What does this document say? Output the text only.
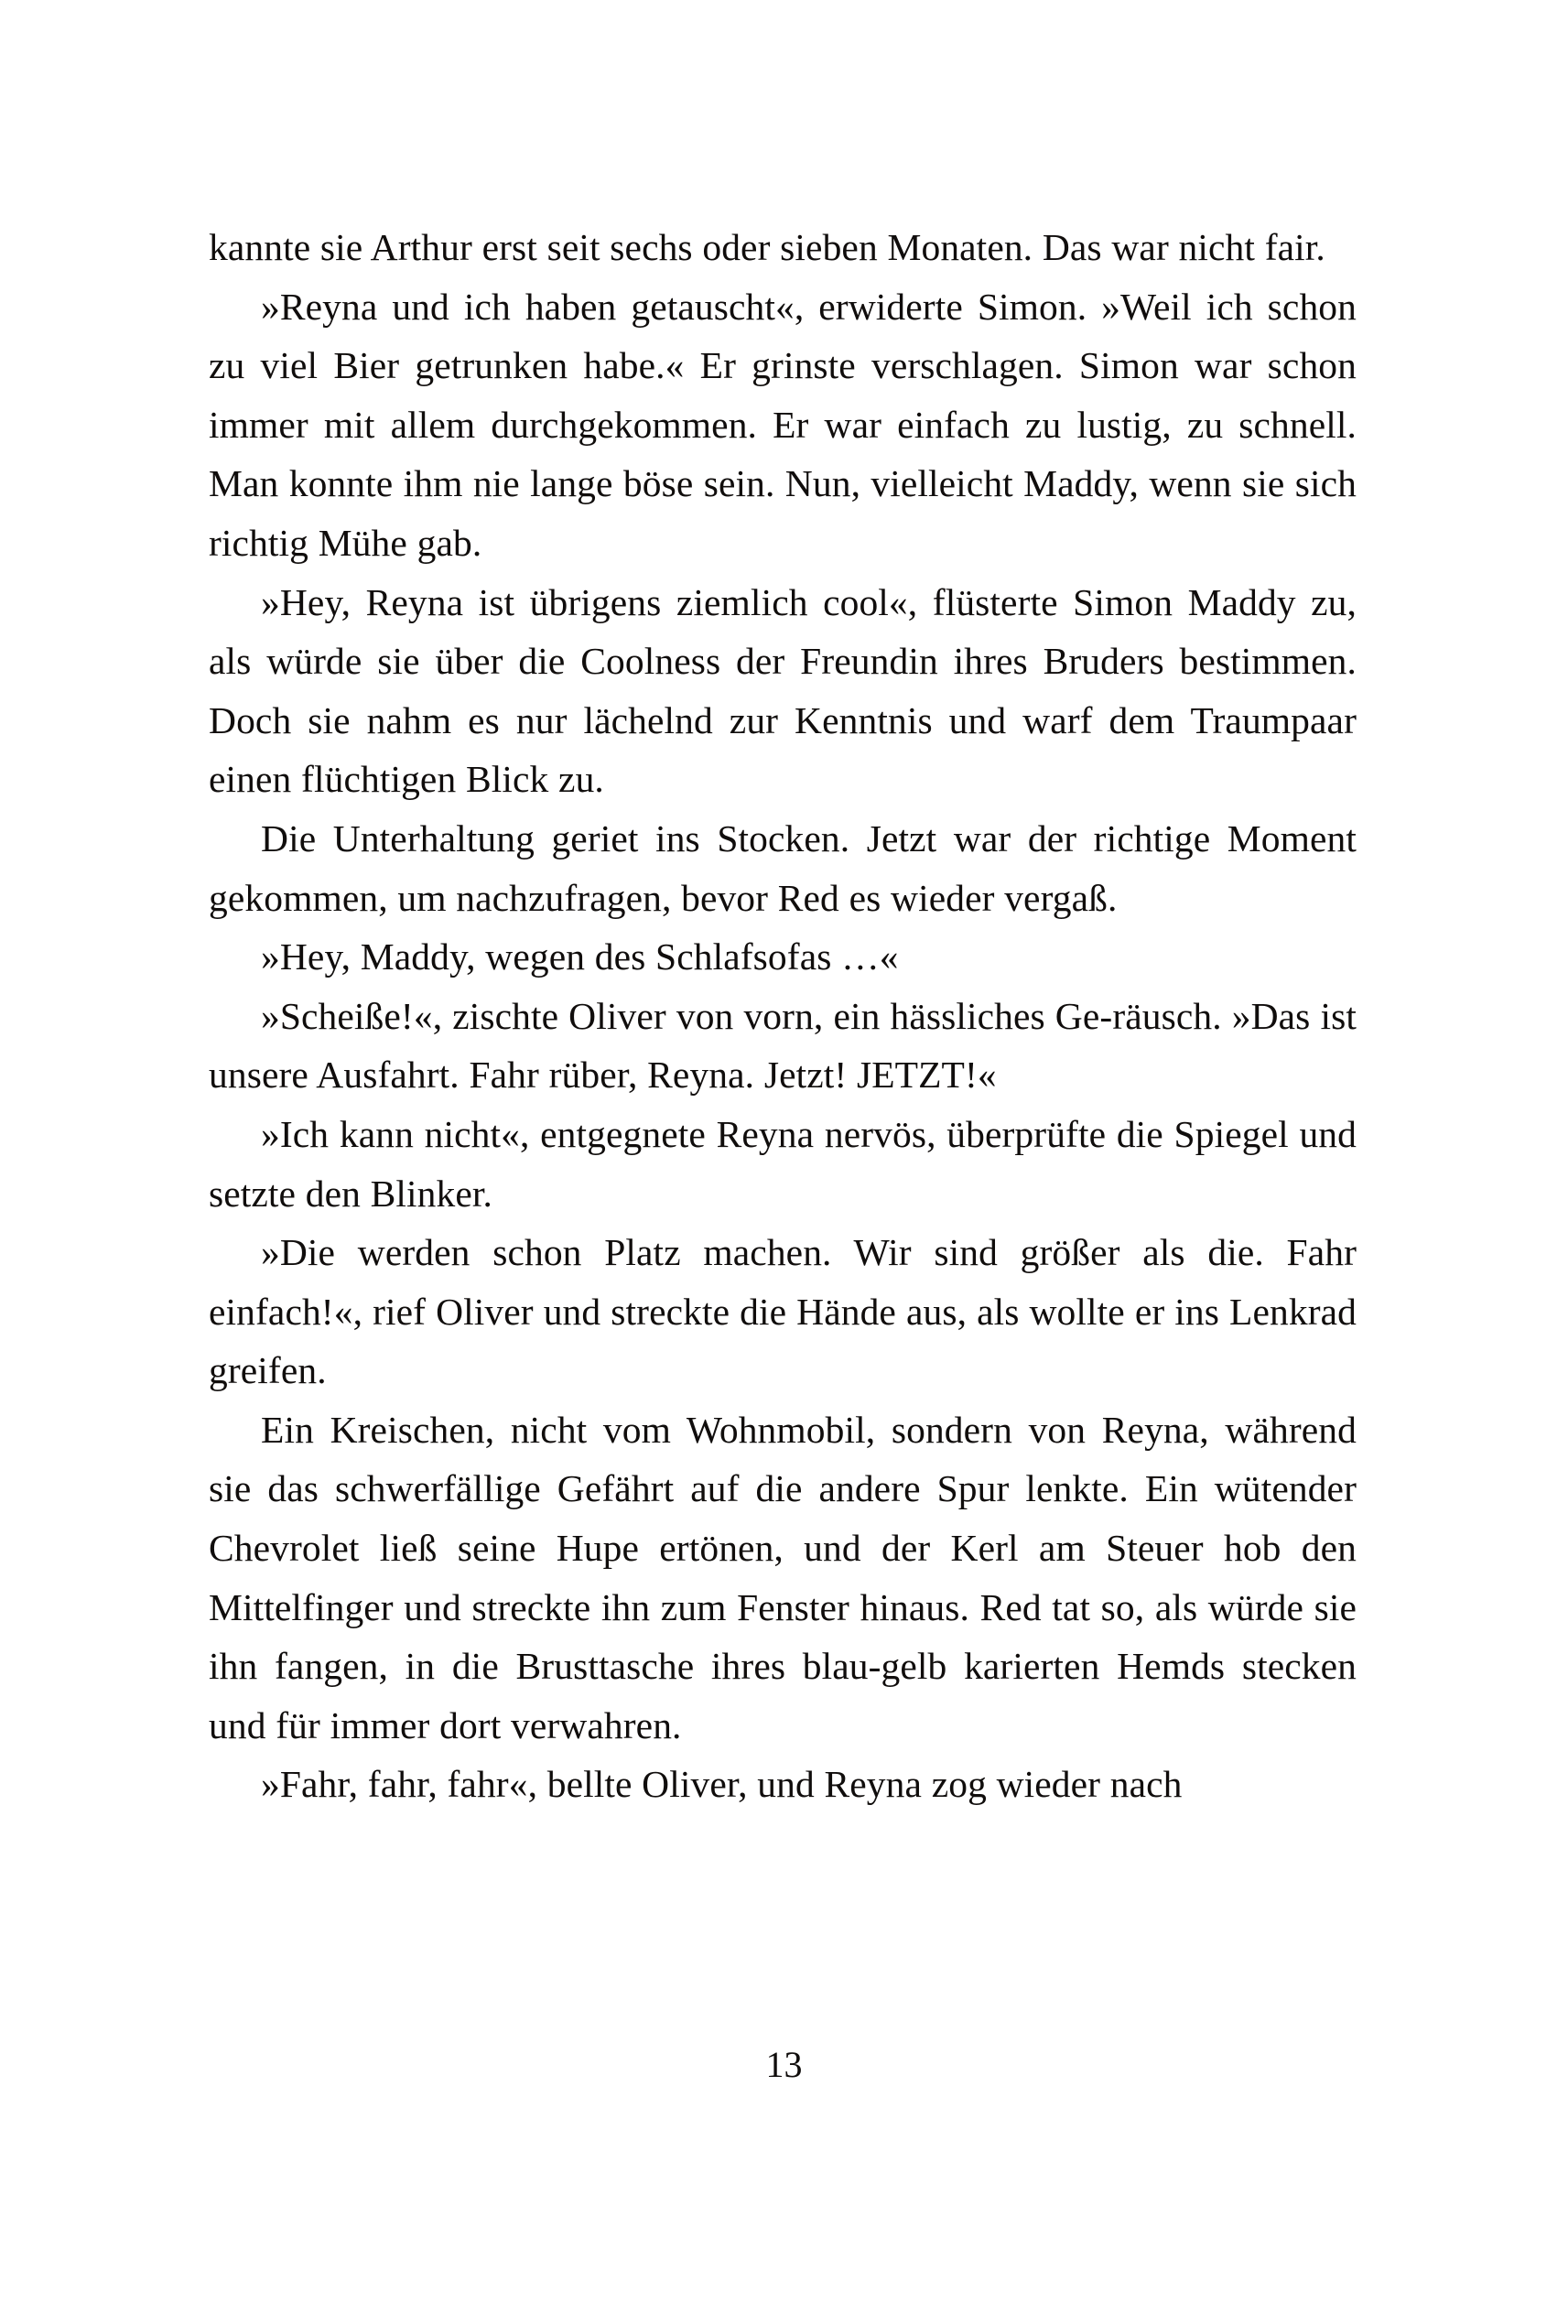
kannte sie Arthur erst seit sechs oder sieben Monaten. Das war nicht fair.

»Reyna und ich haben getauscht«, erwiderte Simon. »Weil ich schon zu viel Bier getrunken habe.« Er grinste verschlagen. Simon war schon immer mit allem durchgekommen. Er war einfach zu lustig, zu schnell. Man konnte ihm nie lange böse sein. Nun, vielleicht Maddy, wenn sie sich richtig Mühe gab.

»Hey, Reyna ist übrigens ziemlich cool«, flüsterte Simon Maddy zu, als würde sie über die Coolness der Freundin ihres Bruders bestimmen. Doch sie nahm es nur lächelnd zur Kenntnis und warf dem Traumpaar einen flüchtigen Blick zu.

Die Unterhaltung geriet ins Stocken. Jetzt war der richtige Moment gekommen, um nachzufragen, bevor Red es wieder vergaß.

»Hey, Maddy, wegen des Schlafsofas …«

»Scheiße!«, zischte Oliver von vorn, ein hässliches Ge-räusch. »Das ist unsere Ausfahrt. Fahr rüber, Reyna. Jetzt! JETZT!«

»Ich kann nicht«, entgegnete Reyna nervös, überprüfte die Spiegel und setzte den Blinker.

»Die werden schon Platz machen. Wir sind größer als die. Fahr einfach!«, rief Oliver und streckte die Hände aus, als wollte er ins Lenkrad greifen.

Ein Kreischen, nicht vom Wohnmobil, sondern von Reyna, während sie das schwerfällige Gefährt auf die andere Spur lenkte. Ein wütender Chevrolet ließ seine Hupe ertönen, und der Kerl am Steuer hob den Mittelfinger und streckte ihn zum Fenster hinaus. Red tat so, als würde sie ihn fangen, in die Brusttasche ihres blau-gelb karierten Hemds stecken und für immer dort verwahren.

»Fahr, fahr, fahr«, bellte Oliver, und Reyna zog wieder nach

13
